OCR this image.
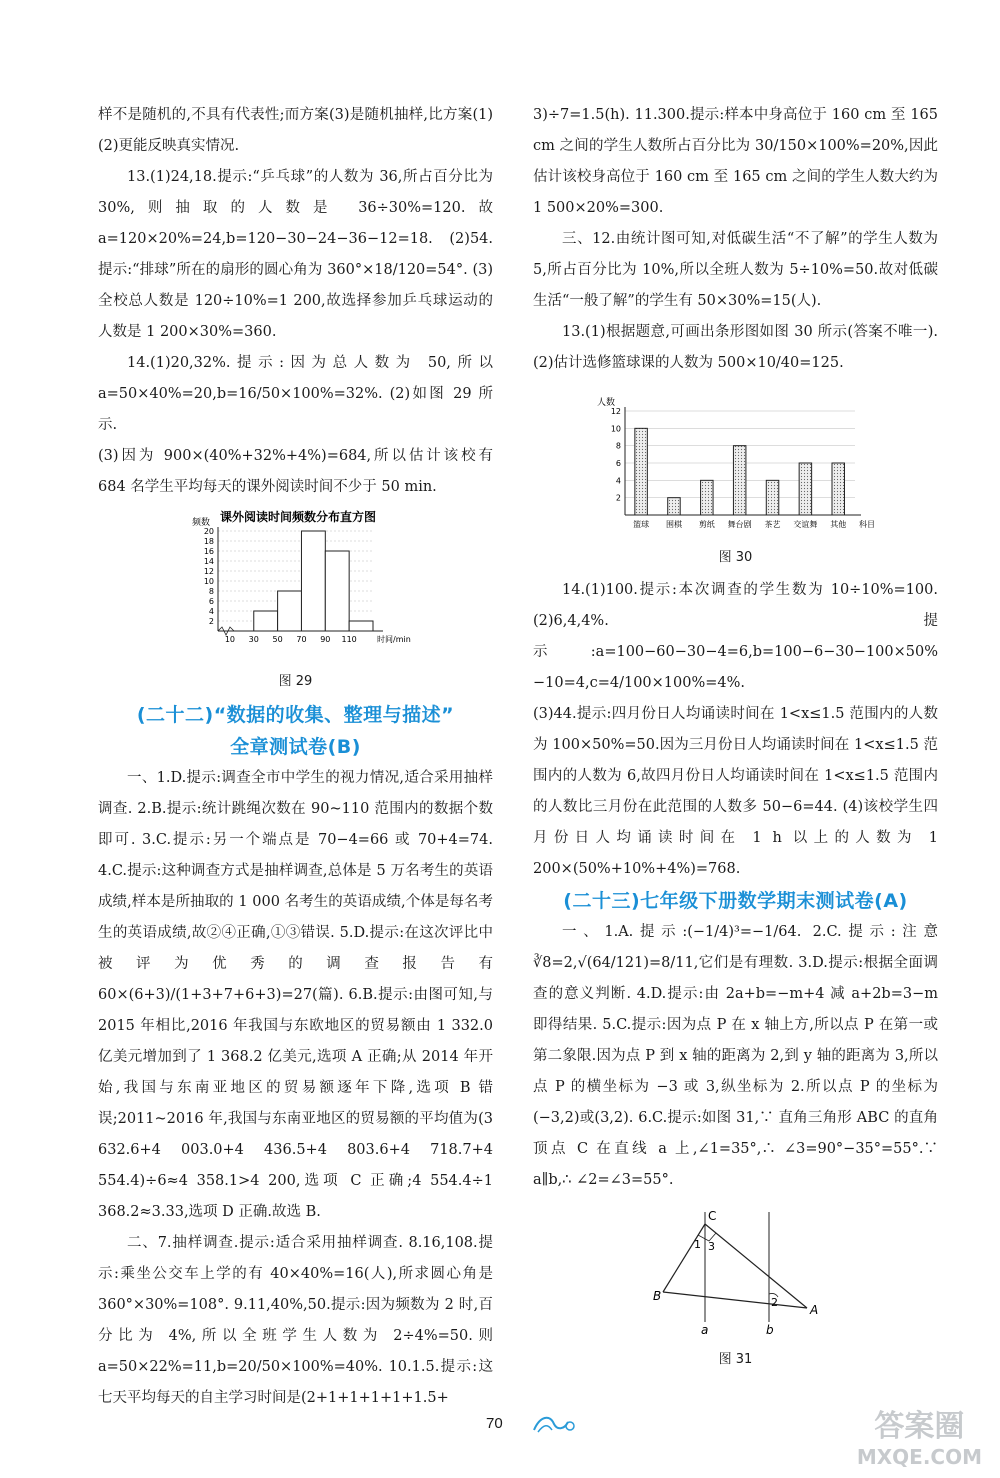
样不是随机的,不具有代表性;而方案(3)是随机抽样,比方案(1)(2)更能反映真实情况.

13.(1)24,18.提示:“乒乓球”的人数为 36,所占百分比为 30%,则抽取的人数是 36÷30%=120.故 a=120×20%=24,b=120−30−24−36−12=18. (2)54.提示:“排球”所在的扇形的圆心角为 360°×18/120=54°. (3)全校总人数是 120÷10%=1 200,故选择参加乒乓球运动的人数是 1 200×30%=360.

14.(1)20,32%.提示:因为总人数为 50,所以 a=50×40%=20,b=16/50×100%=32%. (2)如图 29 所示.

(3)因为 900×(40%+32%+4%)=684,所以估计该校有 684 名学生平均每天的课外阅读时间不少于 50 min.

课外阅读时间频数分布直方图
频数
2
4
6
8
10
12
14
16
18
20
10 30 50 70 90 110	时间/min
图 29
(二十二)“数据的收集、整理与描述”
全章测试卷(B)

一、1.D.提示:调查全市中学生的视力情况,适合采用抽样调查. 2.B.提示:统计跳绳次数在 90~110 范围内的数据个数即可. 3.C.提示:另一个端点是 70−4=66 或 70+4=74. 4.C.提示:这种调查方式是抽样调查,总体是 5 万名考生的英语成绩,样本是所抽取的 1 000 名考生的英语成绩,个体是每名考生的英语成绩,故②④正确,①③错误. 5.D.提示:在这次评比中被评为优秀的调查报告有 60×(6+3)/(1+3+7+6+3)=27(篇). 6.B.提示:由图可知,与 2015 年相比,2016 年我国与东欧地区的贸易额由 1 332.0 亿美元增加到了 1 368.2 亿美元,选项 A 正确;从 2014 年开始,我国与东南亚地区的贸易额逐年下降,选项 B 错误;2011~2016 年,我国与东南亚地区的贸易额的平均值为(3 632.6+4 003.0+4 436.5+4 803.6+4 718.7+4 554.4)÷6≈4 358.1>4 200,选项 C 正确;4 554.4÷1 368.2≈3.33,选项 D 正确.故选 B.

二、7.抽样调查.提示:适合采用抽样调查. 8.16,108.提示:乘坐公交车上学的有 40×40%=16(人),所求圆心角是 360°×30%=108°. 9.11,40%,50.提示:因为频数为 2 时,百分比为 4%,所以全班学生人数为 2÷4%=50.则 a=50×22%=11,b=20/50×100%=40%. 10.1.5.提示:这七天平均每天的自主学习时间是(2+1+1+1+1+1.5+

3)÷7=1.5(h). 11.300.提示:样本中身高位于 160 cm 至 165 cm 之间的学生人数所占百分比为 30/150×100%=20%,因此估计该校身高位于 160 cm 至 165 cm 之间的学生人数大约为 1 500×20%=300.

三、12.由统计图可知,对低碳生活“不了解”的学生人数为 5,所占百分比为 10%,所以全班人数为 5÷10%=50.故对低碳生活“一般了解”的学生有 50×30%=15(人).

13.(1)根据题意,可画出条形图如图 30 所示(答案不唯一). (2)估计选修篮球课的人数为 500×10/40=125.

人数
2
4
6
8
10
12
篮球 围棋 剪纸 舞台剧 茶艺 交谊舞 其他 科目
图 30

14.(1)100.提示:本次调查的学生数为 10÷10%=100. (2)6,4,4%.提示:a=100−60−30−4=6,b=100−6−30−100×50%−10=4,c=4/100×100%=4%.

(3)44.提示:四月份日人均诵读时间在 1<x≤1.5 范围内的人数为 100×50%=50.因为三月份日人均诵读时间在 1<x≤1.5 范围内的人数为 6,故四月份日人均诵读时间在 1<x≤1.5 范围内的人数比三月份在此范围的人数多 50−6=44. (4)该校学生四月份日人均诵读时间在 1 h 以上的人数为 1 200×(50%+10%+4%)=768.

(二十三)七年级下册数学期末测试卷(A)

一、1.A.提示:(−1/4)³=−1/64. 2.C.提示:注意∛8=2,√(64/121)=8/11,它们是有理数. 3.D.提示:根据全面调查的意义判断. 4.D.提示:由 2a+b=−m+4 减 a+2b=3−m 即得结果. 5.C.提示:因为点 P 在 x 轴上方,所以点 P 在第一或第二象限.因为点 P 到 x 轴的距离为 2,到 y 轴的距离为 3,所以点 P 的横坐标为 −3 或 3,纵坐标为 2.所以点 P 的坐标为(−3,2)或(3,2). 6.C.提示:如图 31,∵ 直角三角形 ABC 的直角顶点 C 在直线 a 上,∠1=35°,∴ ∠3=90°−35°=55°.∵ a∥b,∴ ∠2=∠3=55°.

C
1 3
2
B
A
a	b
图 31
70	答案圈
MXQE.COM
